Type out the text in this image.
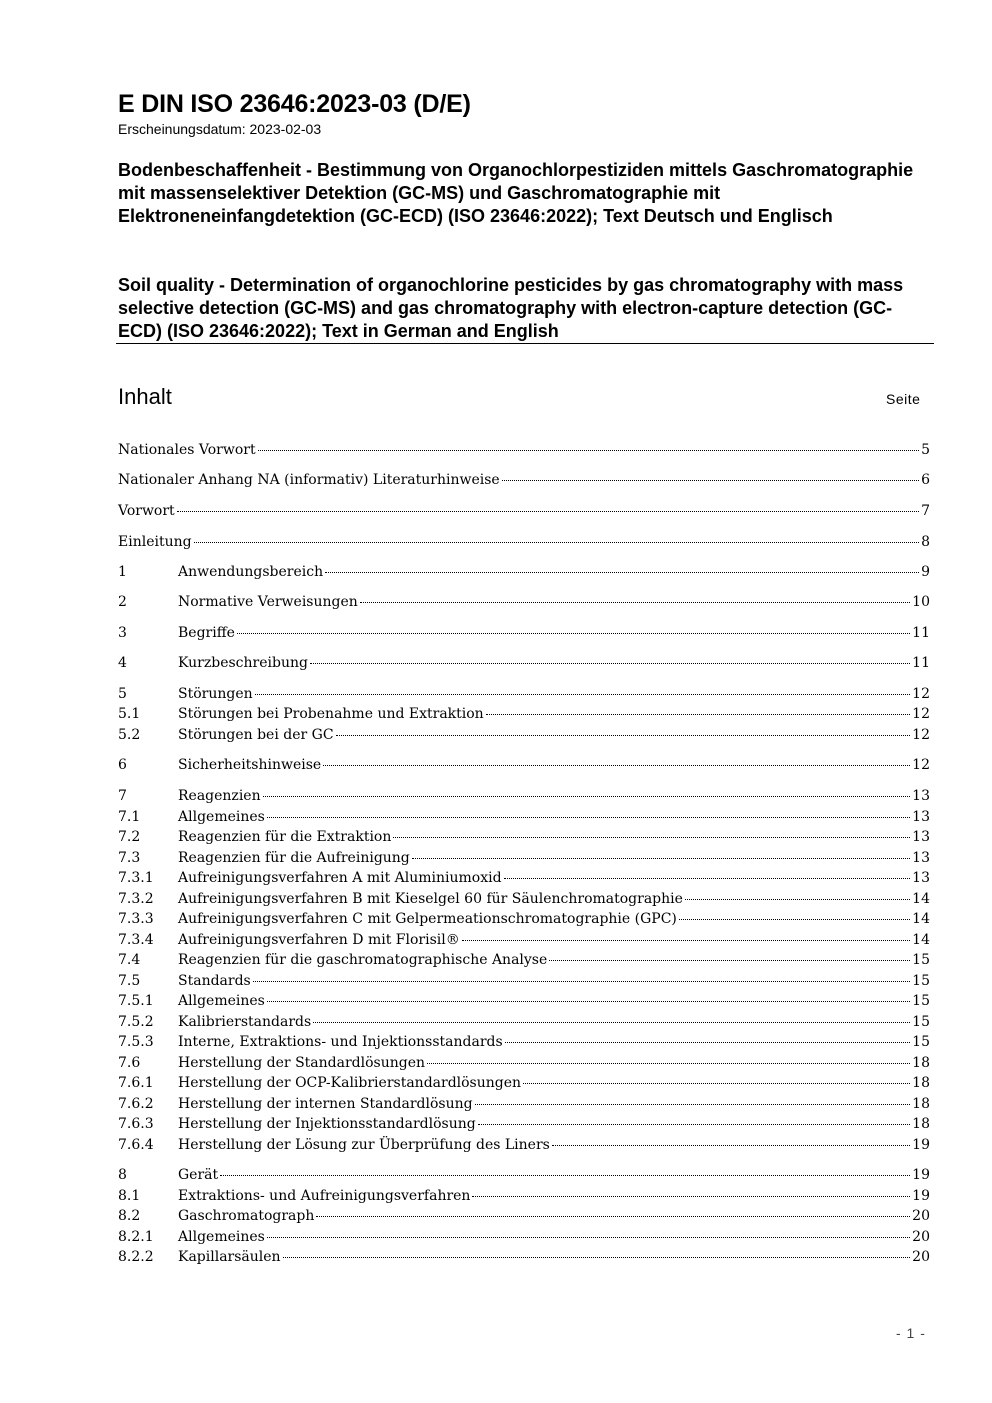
E DIN ISO 23646:2023-03 (D/E)
Erscheinungsdatum: 2023-02-03
Bodenbeschaffenheit - Bestimmung von Organochlorpestiziden mittels Gaschromatographie mit massenselektiver Detektion (GC-MS) und Gaschromatographie mit Elektroneneinfangdetektion (GC-ECD) (ISO 23646:2022); Text Deutsch und Englisch
Soil quality - Determination of organochlorine pesticides by gas chromatography with mass selective detection (GC-MS) and gas chromatography with electron-capture detection (GC-ECD) (ISO 23646:2022); Text in German and English
Inhalt	Seite
Nationales Vorwort	5
Nationaler Anhang NA (informativ) Literaturhinweise	6
Vorwort	7
Einleitung	8
1	Anwendungsbereich	9
2	Normative Verweisungen	10
3	Begriffe	11
4	Kurzbeschreibung	11
5	Störungen	12
5.1	Störungen bei Probenahme und Extraktion	12
5.2	Störungen bei der GC	12
6	Sicherheitshinweise	12
7	Reagenzien	13
7.1	Allgemeines	13
7.2	Reagenzien für die Extraktion	13
7.3	Reagenzien für die Aufreinigung	13
7.3.1	Aufreinigungsverfahren A mit Aluminiumoxid	13
7.3.2	Aufreinigungsverfahren B mit Kieselgel 60 für Säulenchromatographie	14
7.3.3	Aufreinigungsverfahren C mit Gelpermeationschromatographie (GPC)	14
7.3.4	Aufreinigungsverfahren D mit Florisil®	14
7.4	Reagenzien für die gaschromatographische Analyse	15
7.5	Standards	15
7.5.1	Allgemeines	15
7.5.2	Kalibrierstandards	15
7.5.3	Interne, Extraktions- und Injektionsstandards	15
7.6	Herstellung der Standardlösungen	18
7.6.1	Herstellung der OCP-Kalibrierstandardlösungen	18
7.6.2	Herstellung der internen Standardlösung	18
7.6.3	Herstellung der Injektionsstandardlösung	18
7.6.4	Herstellung der Lösung zur Überprüfung des Liners	19
8	Gerät	19
8.1	Extraktions- und Aufreinigungsverfahren	19
8.2	Gaschromatograph	20
8.2.1	Allgemeines	20
8.2.2	Kapillarsäulen	20
- 1 -
